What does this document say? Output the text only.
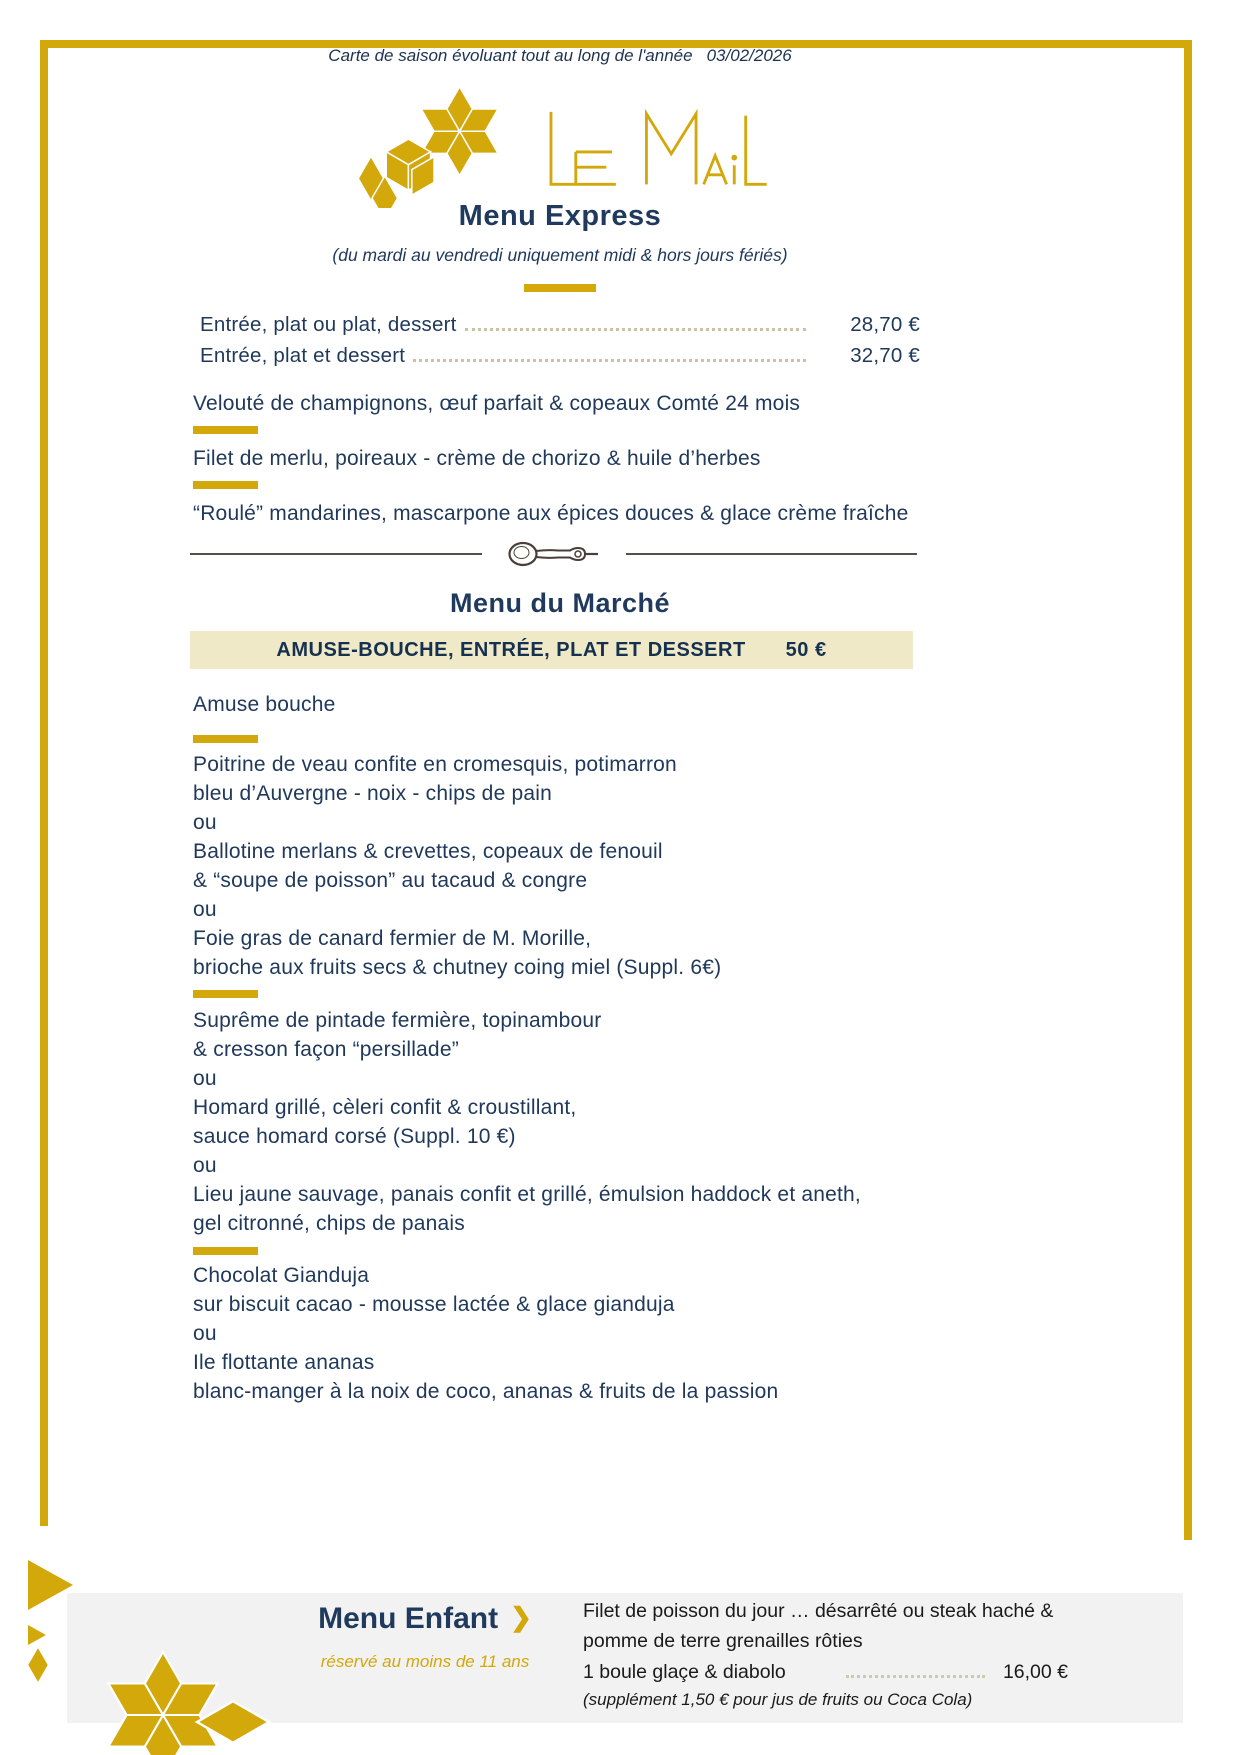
Carte de saison évoluant tout au long de l'année 03/02/2026
Menu Express
(du mardi au vendredi uniquement midi & hors jours fériés)
Entrée, plat ou plat, dessert	28,70 €
Entrée, plat et dessert	32,70 €
Velouté de champignons, œuf parfait & copeaux Comté 24 mois
Filet de merlu, poireaux - crème de chorizo & huile d’herbes
“Roulé” mandarines, mascarpone aux épices douces & glace crème fraîche
Menu du Marché
AMUSE-BOUCHE, ENTRÉE, PLAT ET DESSERT 50 €
Amuse bouche
Poitrine de veau confite en cromesquis, potimarron
bleu d’Auvergne - noix - chips de pain
ou
Ballotine merlans & crevettes, copeaux de fenouil
& “soupe de poisson” au tacaud & congre
ou
Foie gras de canard fermier de M. Morille,
brioche aux fruits secs & chutney coing miel (Suppl. 6€)
Suprême de pintade fermière, topinambour
& cresson façon “persillade”
ou
Homard grillé, cèleri confit & croustillant,
sauce homard corsé (Suppl. 10 €)
ou
Lieu jaune sauvage, panais confit et grillé, émulsion haddock et aneth,
gel citronné, chips de panais
Chocolat Gianduja
sur biscuit cacao - mousse lactée & glace gianduja
ou
Ile flottante ananas
blanc-manger à la noix de coco, ananas & fruits de la passion
Menu Enfant ❯
réservé au moins de 11 ans
Filet de poisson du jour … désarrêté ou steak haché &
pomme de terre grenailles rôties
1 boule glaçe & diabolo	16,00 €
(supplément 1,50 € pour jus de fruits ou Coca Cola)
